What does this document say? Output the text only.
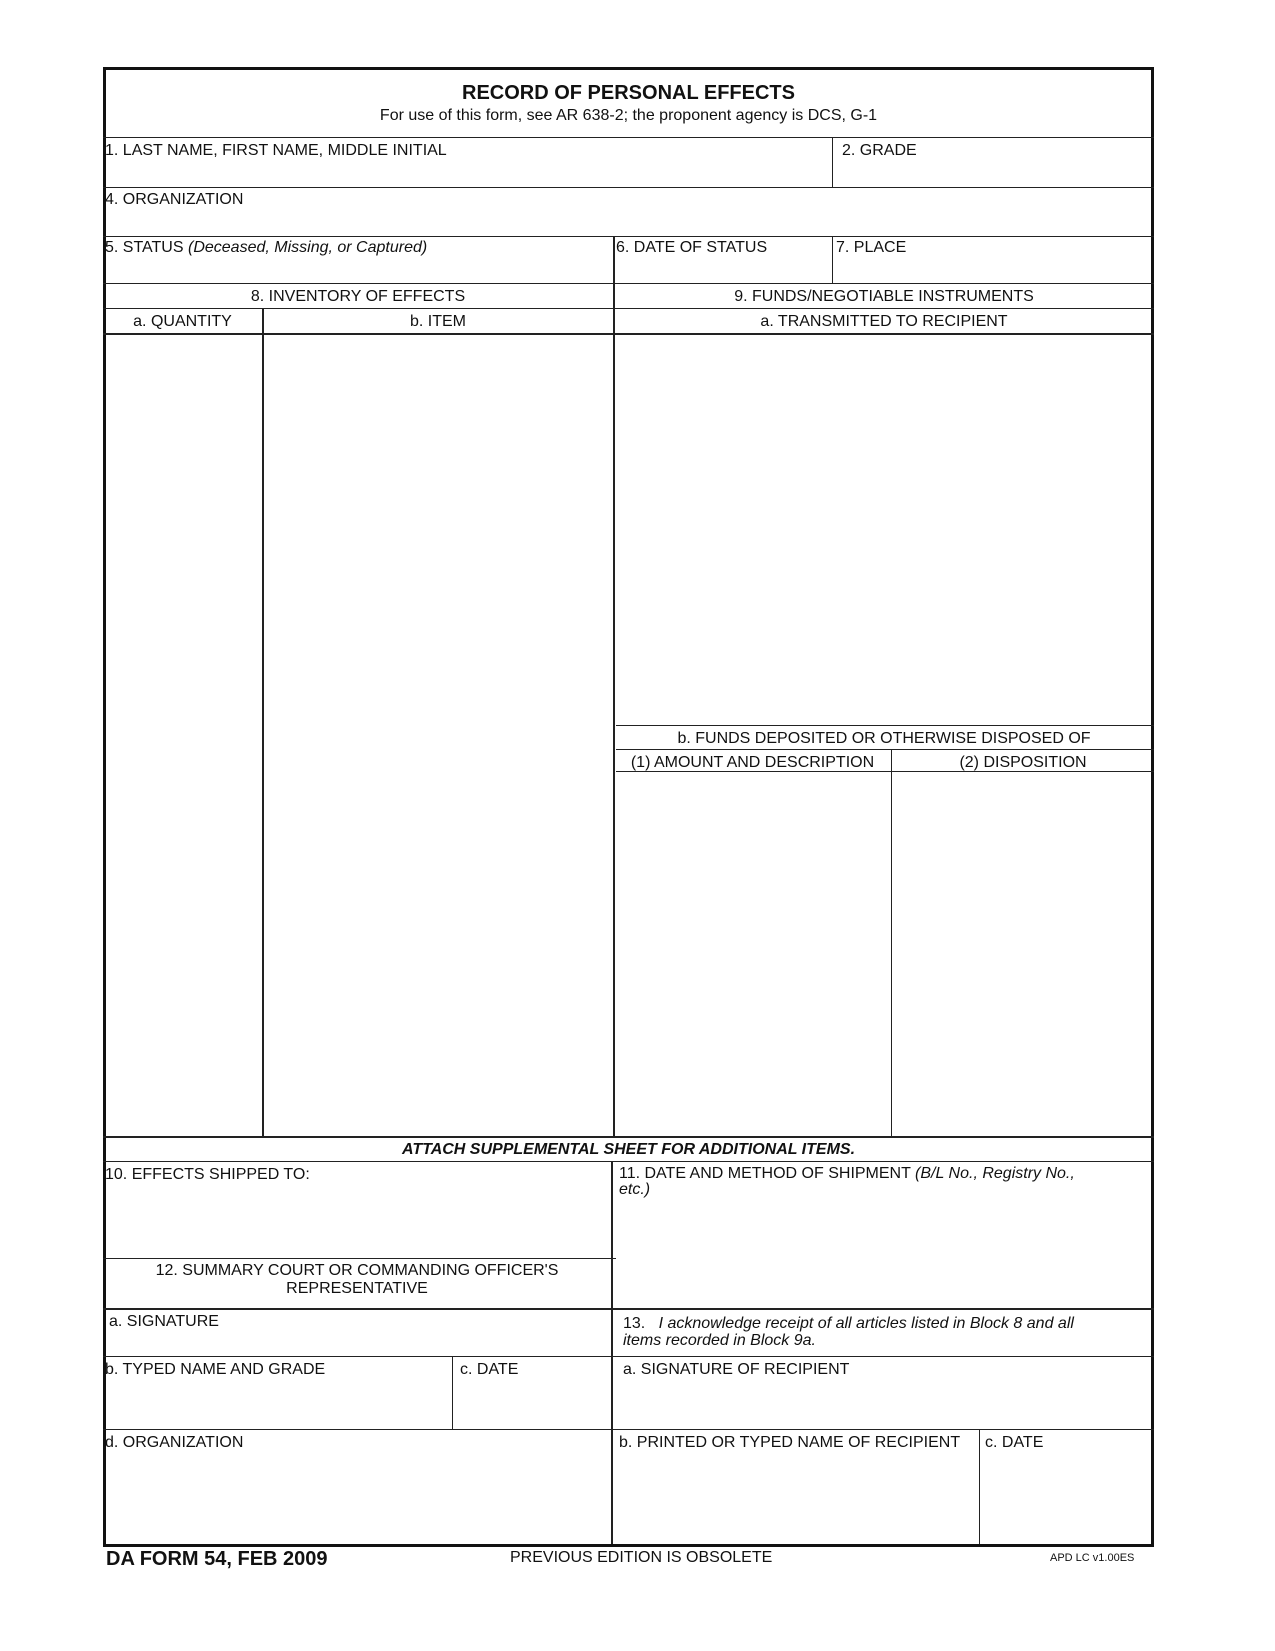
RECORD OF PERSONAL EFFECTS
For use of this form, see AR 638-2; the proponent agency is DCS, G-1
1. LAST NAME, FIRST NAME, MIDDLE INITIAL	2. GRADE
4. ORGANIZATION
5. STATUS (Deceased, Missing, or Captured)	6. DATE OF STATUS	7. PLACE
8. INVENTORY OF EFFECTS
a. QUANTITY	b. ITEM
9. FUNDS/NEGOTIABLE INSTRUMENTS
a. TRANSMITTED TO RECIPIENT
b. FUNDS DEPOSITED OR OTHERWISE DISPOSED OF
(1) AMOUNT AND DESCRIPTION	(2) DISPOSITION
ATTACH SUPPLEMENTAL SHEET FOR ADDITIONAL ITEMS.
10. EFFECTS SHIPPED TO:	11. DATE AND METHOD OF SHIPMENT (B/L No., Registry No.,
etc.)
12. SUMMARY COURT OR COMMANDING OFFICER'S
REPRESENTATIVE
a. SIGNATURE
b. TYPED NAME AND GRADE	c. DATE
d. ORGANIZATION
13. I acknowledge receipt of all articles listed in Block 8 and all
items recorded in Block 9a.
a. SIGNATURE OF RECIPIENT
b. PRINTED OR TYPED NAME OF RECIPIENT c. DATE
DA FORM 54, FEB 2009	PREVIOUS EDITION IS OBSOLETE	APD LC v1.00ES
